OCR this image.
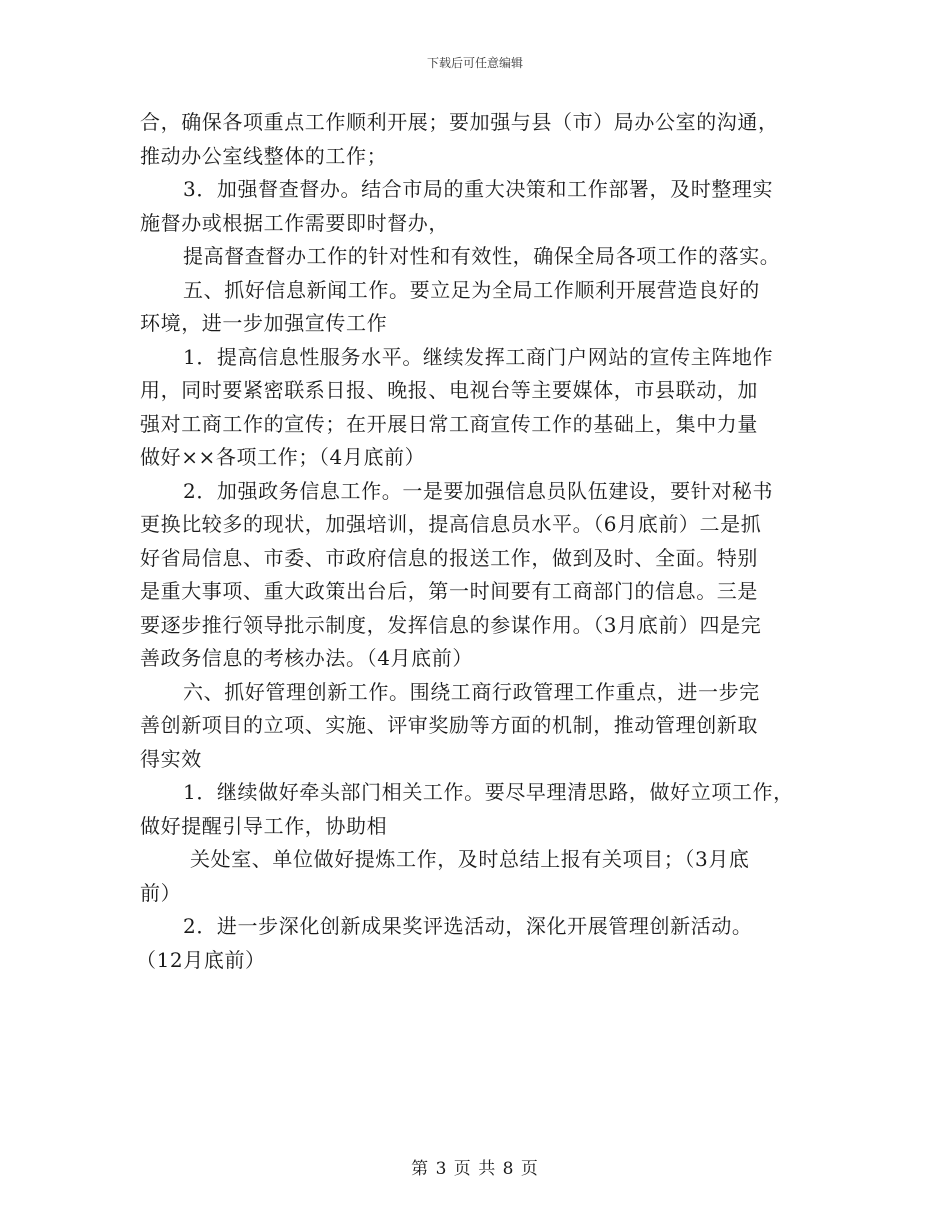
下载后可任意编辑
合，确保各项重点工作顺利开展；要加强与县（市）局办公室的沟通，
推动办公室线整体的工作；
3．加强督查督办。结合市局的重大决策和工作部署，及时整理实
施督办或根据工作需要即时督办，
提高督查督办工作的针对性和有效性，确保全局各项工作的落实。
五、抓好信息新闻工作。要立足为全局工作顺利开展营造良好的
环境，进一步加强宣传工作
1．提高信息性服务水平。继续发挥工商门户网站的宣传主阵地作
用，同时要紧密联系日报、晚报、电视台等主要媒体，市县联动，加
强对工商工作的宣传；在开展日常工商宣传工作的基础上，集中力量
做好××各项工作；（4月底前）
2．加强政务信息工作。一是要加强信息员队伍建设，要针对秘书
更换比较多的现状，加强培训，提高信息员水平。（6月底前）二是抓
好省局信息、市委、市政府信息的报送工作，做到及时、全面。特别
是重大事项、重大政策出台后，第一时间要有工商部门的信息。三是
要逐步推行领导批示制度，发挥信息的参谋作用。（3月底前）四是完
善政务信息的考核办法。（4月底前）
六、抓好管理创新工作。围绕工商行政管理工作重点，进一步完
善创新项目的立项、实施、评审奖励等方面的机制，推动管理创新取
得实效
1．继续做好牵头部门相关工作。要尽早理清思路，做好立项工作，
做好提醒引导工作，协助相
关处室、单位做好提炼工作，及时总结上报有关项目；（3月底
前）
2．进一步深化创新成果奖评选活动，深化开展管理创新活动。
（12月底前）
第 3 页 共 8 页
